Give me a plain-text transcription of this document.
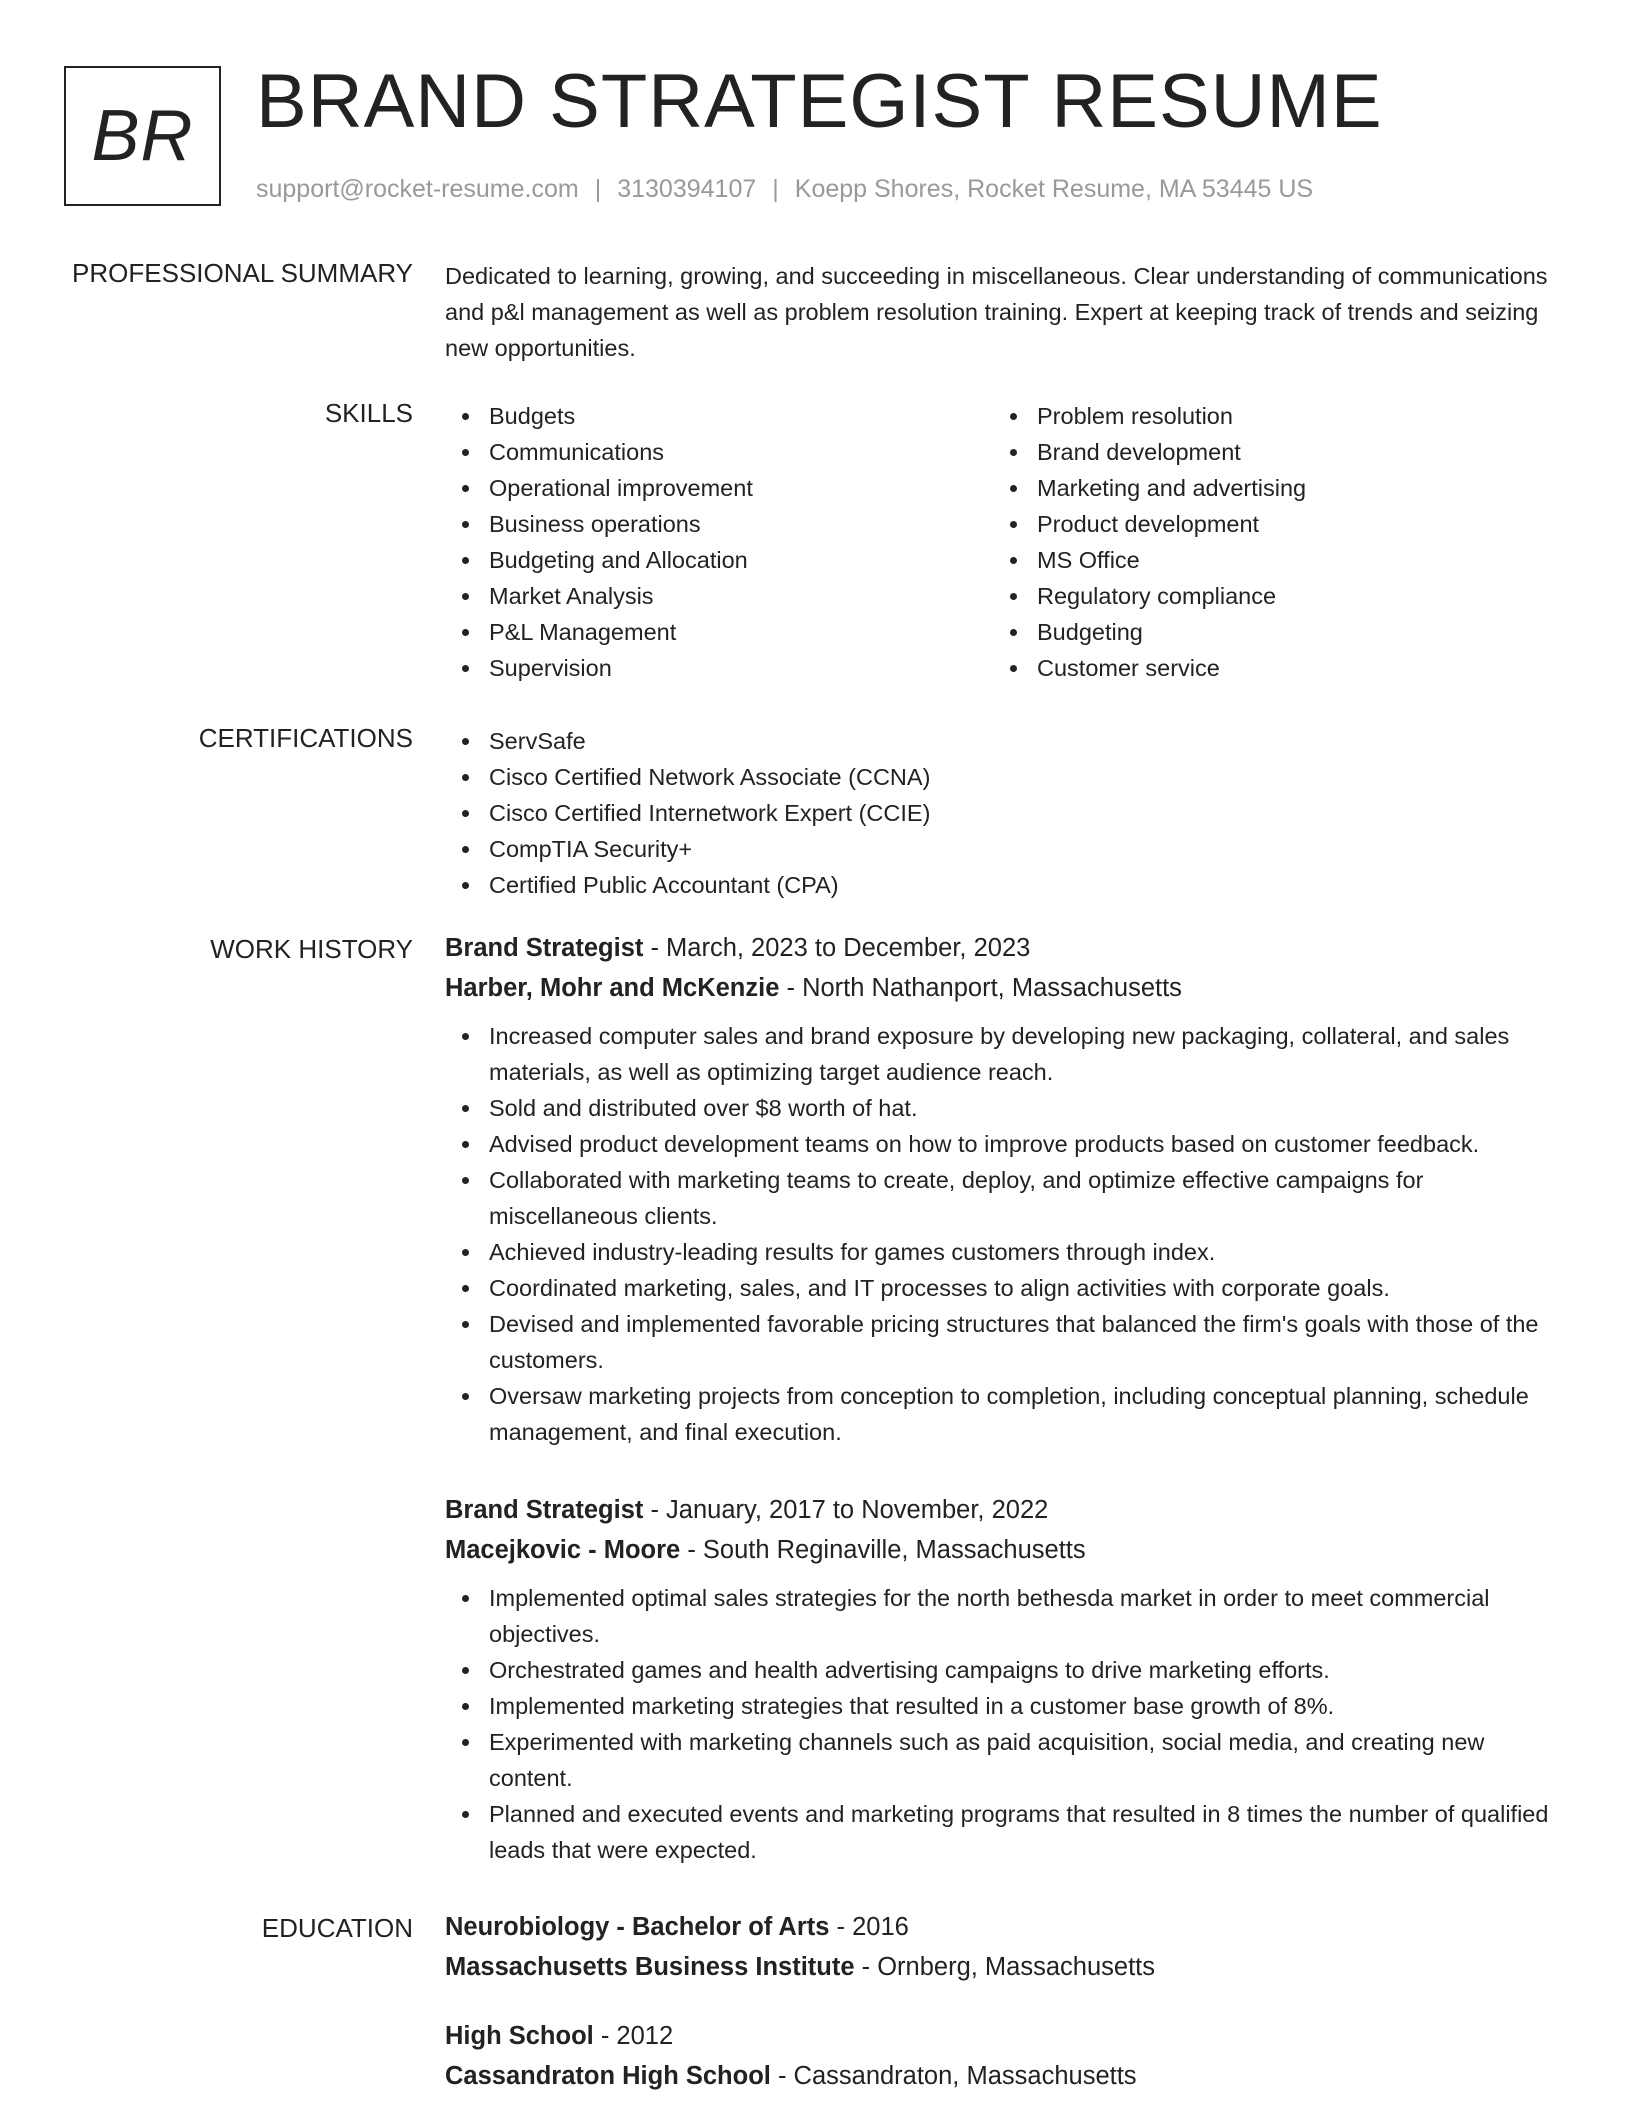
BR BRAND STRATEGIST RESUME
support@rocket-resume.com | 3130394107 | Koepp Shores, Rocket Resume, MA 53445 US
PROFESSIONAL SUMMARY Dedicated to learning, growing, and succeeding in miscellaneous. Clear understanding of communications and p&l management as well as problem resolution training. Expert at keeping track of trends and seizing new opportunities.

SKILLS	Budgets
Communications
Operational improvement
Business operations
Budgeting and Allocation
Market Analysis
P&L Management
Supervision
Problem resolution
Brand development
Marketing and advertising
Product development
MS Office
Regulatory compliance
Budgeting
Customer service
CERTIFICATIONS	ServSafe
Cisco Certified Network Associate (CCNA)
Cisco Certified Internetwork Expert (CCIE)
CompTIA Security+
Certified Public Accountant (CPA)
WORK HISTORY Brand Strategist - March, 2023 to December, 2023
Harber, Mohr and McKenzie - North Nathanport, Massachusetts
Increased computer sales and brand exposure by developing new packaging, collateral, and sales materials, as well as optimizing target audience reach.
Sold and distributed over $8 worth of hat.
Advised product development teams on how to improve products based on customer feedback.
Collaborated with marketing teams to create, deploy, and optimize effective campaigns for miscellaneous clients.
Achieved industry-leading results for games customers through index.
Coordinated marketing, sales, and IT processes to align activities with corporate goals.
Devised and implemented favorable pricing structures that balanced the firm's goals with those of the customers.
Oversaw marketing projects from conception to completion, including conceptual planning, schedule management, and final execution.
Brand Strategist - January, 2017 to November, 2022
Macejkovic - Moore - South Reginaville, Massachusetts
Implemented optimal sales strategies for the north bethesda market in order to meet commercial objectives.
Orchestrated games and health advertising campaigns to drive marketing efforts.
Implemented marketing strategies that resulted in a customer base growth of 8%.
Experimented with marketing channels such as paid acquisition, social media, and creating new content.
Planned and executed events and marketing programs that resulted in 8 times the number of qualified leads that were expected.
EDUCATION Neurobiology - Bachelor of Arts - 2016
Massachusetts Business Institute - Ornberg, Massachusetts
High School - 2012
Cassandraton High School - Cassandraton, Massachusetts
